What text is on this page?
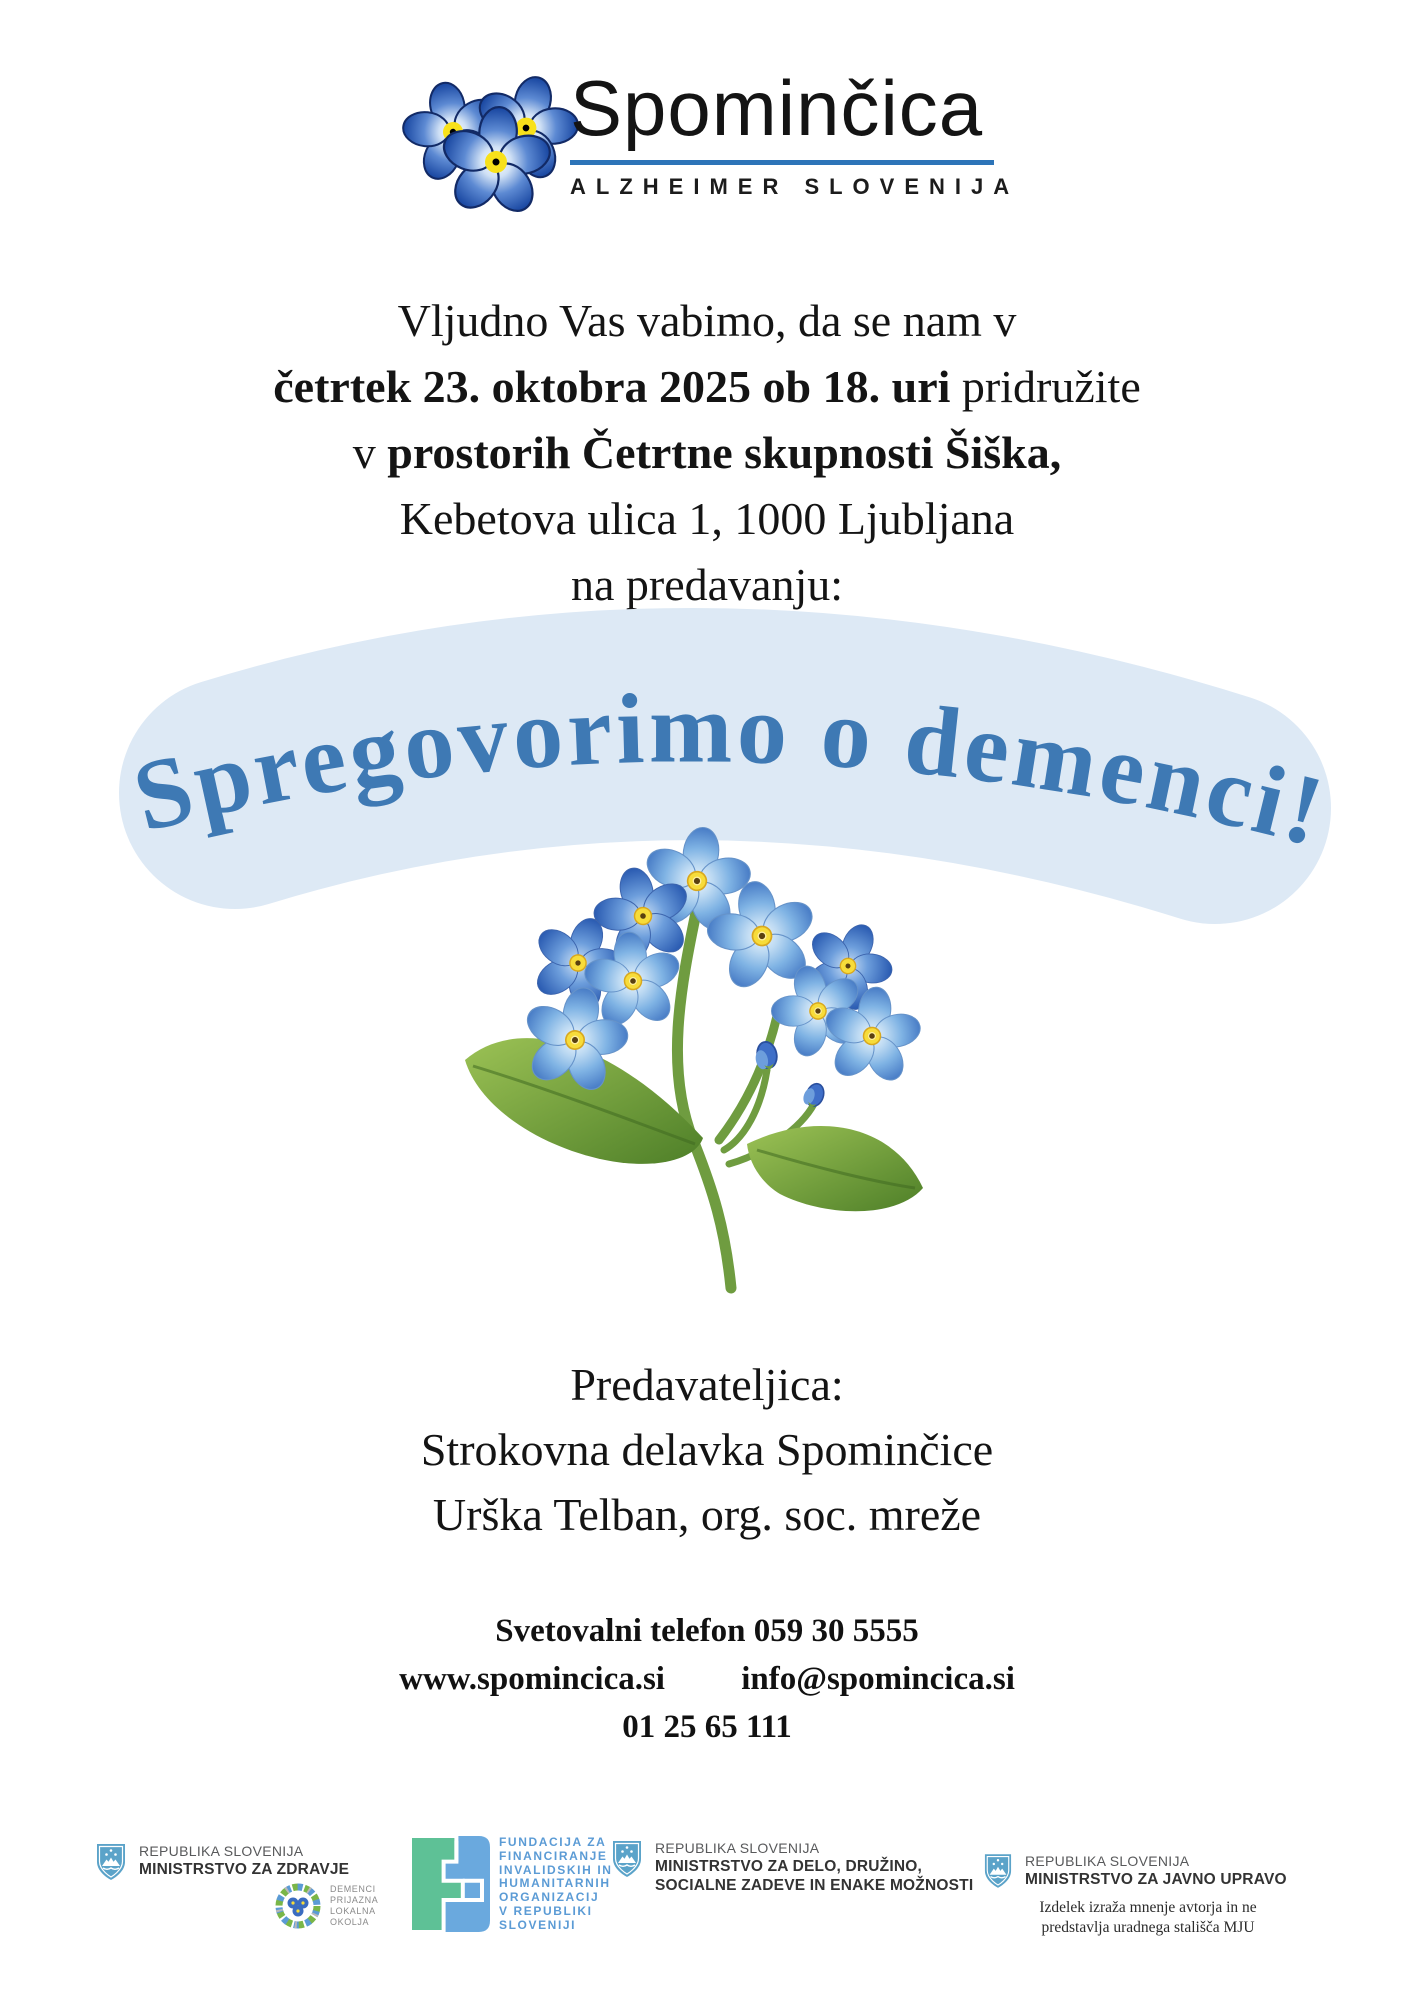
Spominčica
ALZHEIMER SLOVENIJA
Vljudno Vas vabimo, da se nam v
četrtek 23. oktobra 2025 ob 18. uri pridružite
v prostorih Četrtne skupnosti Šiška,
Kebetova ulica 1, 1000 Ljubljana
na predavanju:
Spregovorimo o demenci!
Predavateljica:
Strokovna delavka Spominčice
Urška Telban, org. soc. mreže
Svetovalni telefon 059 30 5555
www.spomincica.si info@spomincica.si
01 25 65 111
REPUBLIKA SLOVENIJA
MINISTRSTVO ZA ZDRAVJE
DEMENCI
PRIJAZNA
LOKALNA
OKOLJA
FUNDACIJA ZA
FINANCIRANJE
INVALIDSKIH IN
HUMANITARNIH
ORGANIZACIJ
V REPUBLIKI
SLOVENIJI
REPUBLIKA SLOVENIJA
MINISTRSTVO ZA DELO, DRUŽINO,
SOCIALNE ZADEVE IN ENAKE MOŽNOSTI
REPUBLIKA SLOVENIJA
MINISTRSTVO ZA JAVNO UPRAVO
Izdelek izraža mnenje avtorja in ne
predstavlja uradnega stališča MJU
